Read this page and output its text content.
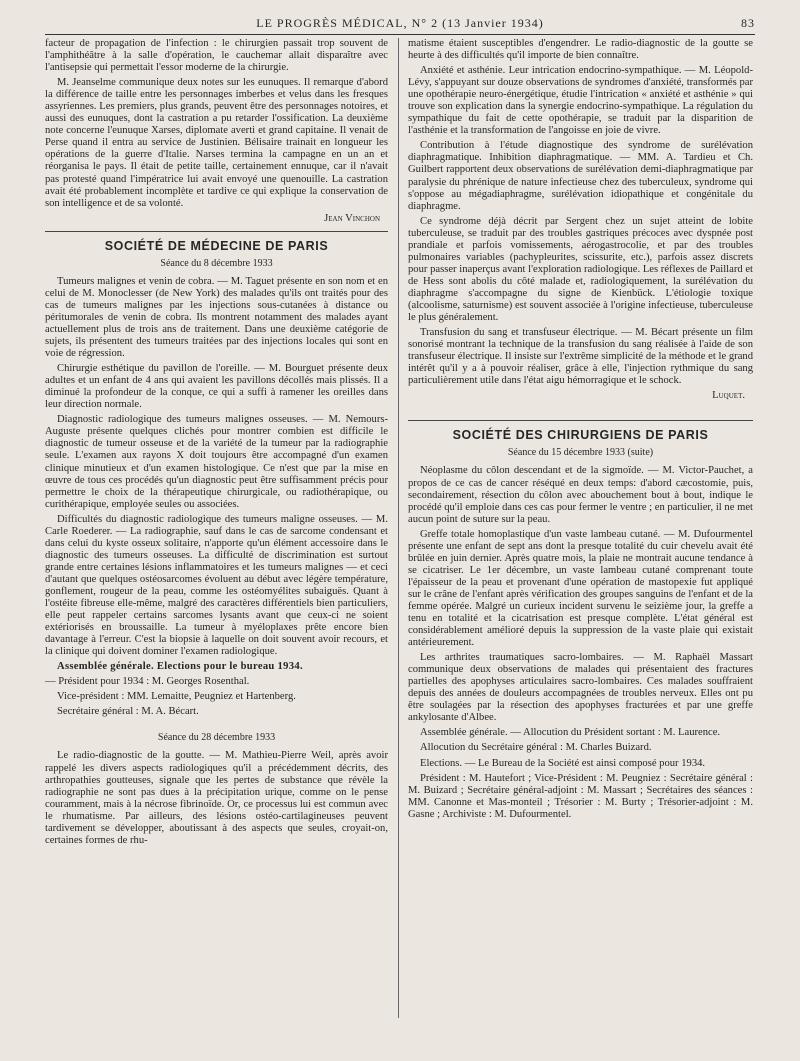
LE PROGRÈS MÉDICAL, N° 2 (13 Janvier 1934)	83

facteur de propagation de l'infection : le chirurgien passait trop souvent de l'amphithéâtre à la salle d'opération, le cauchemar allait disparaître avec l'antisepsie qui permettait l'essor moderne de la chirurgie.

M. Jeanselme communique deux notes sur les eunuques. Il remarque d'abord la différence de taille entre les personnages imberbes et velus dans les fresques assyriennes. Les premiers, plus grands, peuvent être des personnages notoires, et aussi des eunuques, dont la castration a pu retarder l'ossification. La deuxième note concerne l'eunuque Xarses, diplomate averti et grand capitaine. Il venait de Perse quand il entra au service de Justinien. Bélisaire trainait en longueur les opérations de la guerre d'Italie. Narses termina la campagne en un an et réorganisa le pays. Il était de petite taille, certainement ennuque, car il n'avait pas protesté quand l'impératrice lui avait envoyé une quenouille. La castration avait été probablement incomplète et tardive ce qui explique la conservation de son intelligence et de sa volonté.

Jean Vinchon
SOCIÉTÉ DE MÉDECINE DE PARIS
Séance du 8 décembre 1933

Tumeurs malignes et venin de cobra. — M. Taguet présente en son nom et en celui de M. Monoclesser (de New York) des malades qu'ils ont traités pour des cas de tumeurs malignes par les injections sous-cutanées à distance ou péritumorales de venin de cobra. Ils montrent notamment des malades ayant actuellement plus de trois ans de traitement. Dans une deuxième catégorie de sujets, ils présentent des tumeurs traitées par des injections locales qui sont en voie de régression.

Chirurgie esthétique du pavillon de l'oreille. — M. Bourguet présente deux adultes et un enfant de 4 ans qui avaient les pavillons décollés mais plissés. Il a diminué la profondeur de la conque, ce qui a suffi à ramener les oreilles dans leur direction normale.

Diagnostic radiologique des tumeurs malignes osseuses. — M. Nemours-Auguste présente quelques clichés pour montrer combien est difficile le diagnostic de tumeur osseuse et de la variété de la tumeur par la radiographie seule. L'examen aux rayons X doit toujours être accompagné d'un examen clinique minutieux et d'un examen histologique. Ce n'est que par la mise en œuvre de tous ces procédés qu'un diagnostic peut être suffisamment précis pour permettre le choix de la thérapeutique chirurgicale, ou radiothérapique, ou curithérapique, employée seules ou associées.

Difficultés du diagnostic radiologique des tumeurs maligne osseuses. — M. Carle Roederer. — La radiographie, sauf dans le cas de sarcome condensant et dans celui du kyste osseux solitaire, n'apporte qu'un élément accessoire dans le diagnostic des tumeurs osseuses. La difficulté de discrimination est surtout grande entre certaines lésions inflammatoires et les tumeurs malignes — et ceci d'autant que quelques ostéosarcomes évoluent au début avec légère température, gonflement, rougeur de la peau, comme les ostéomyélites subaiguës. Quant à l'ostéite fibreuse elle-même, malgré des caractères différentiels bien particuliers, elle peut rappeler certains sarcomes lysants avant que ceux-ci ne soient extériorisés en broussaille. La tumeur à myéloplaxes prête encore bien davantage à l'erreur. C'est la biopsie à laquelle on doit souvent avoir recours, et la clinique qui doivent dominer l'examen radiologique.

Assemblée générale. Elections pour le bureau 1934.

— Président pour 1934 : M. Georges Rosenthal.

Vice-président : MM. Lemaitte, Peugniez et Hartenberg.

Secrétaire général : M. A. Bécart.

Séance du 28 décembre 1933

Le radio-diagnostic de la goutte. — M. Mathieu-Pierre Weil, après avoir rappelé les divers aspects radiologiques qu'il a précédemment décrits, des arthropathies goutteuses, signale que les pertes de substance que révèle la radiographie ne sont pas dues à la précipitation urique, comme on le pense couramment, mais à la nécrose fibrinoïde. Or, ce processus lui est commun avec le rhumatisme. Par ailleurs, des lésions ostéo-cartilagineuses peuvent tardivement se développer, aboutissant à des aspects que seules, croyait-on, certaines formes de rhu-

matisme étaient susceptibles d'engendrer. Le radio-diagnostic de la goutte se heurte à des difficultés qu'il importe de bien connaître.

Anxiété et asthénie. Leur intrication endocrino-sympathique. — M. Léopold-Lévy, s'appuyant sur douze observations de syndromes d'anxiété, transformés par une opothérapie neuro-énergétique, étudie l'intrication « anxiété et asthénie » qui trouve son explication dans la synergie endocrino-sympathique. La régulation du sympathique du fait de cette opothérapie, se traduit par la disparition de l'asthénie et la transformation de l'angoisse en joie de vivre.

Contribution à l'étude diagnostique des syndrome de surélévation diaphragmatique. Inhibition diaphragmatique. — MM. A. Tardieu et Ch. Guilbert rapportent deux observations de surélévation demi-diaphragmatique par paralysie du phrénique de nature infectieuse chez des tuberculeux, syndrome qui s'oppose au mégadiaphragme, surélévation idiopathique et congénitale du diaphragme.

Ce syndrome déjà décrit par Sergent chez un sujet atteint de lobite tuberculeuse, se traduit par des troubles gastriques précoces avec dyspnée post prandiale et parfois vomissements, aérogastrocolie, et par des troubles pulmonaires variables (pachypleurites, scissurite, etc.), parfois assez discrets pour passer inaperçus avant l'exploration radiologique. Les réflexes de Paillard et de Hess sont abolis du côté malade et, radiologiquement, la surélévation du diaphragme s'accompagne du signe de Kienbück. L'étiologie toxique (alcoolisme, saturnisme) est souvent associée à l'origine infectieuse, tuberculeuse le plus généralement.

Transfusion du sang et transfuseur électrique. — M. Bécart présente un film sonorisé montrant la technique de la transfusion du sang réalisée à l'aide de son transfuseur électrique. Il insiste sur l'extrême simplicité de la méthode et le grand intérêt qu'il y a à pouvoir réaliser, grâce à elle, l'injection rythmique du sang particulièrement utile dans l'état aigu hémorragique et le schock.

Luquet.
SOCIÉTÉ DES CHIRURGIENS DE PARIS
Séance du 15 décembre 1933 (suite)

Néoplasme du côlon descendant et de la sigmoïde. — M. Victor-Pauchet, a propos de ce cas de cancer réséqué en deux temps: d'abord cæcostomie, puis, secondairement, résection du côlon avec abouchement bout à bout, indique le procédé qu'il emploie dans ces cas pour fermer le ventre ; en particulier, il ne met aucun point de suture sur la peau.

Greffe totale homoplastique d'un vaste lambeau cutané. — M. Dufourmentel présente une enfant de sept ans dont la presque totalité du cuir chevelu avait été brûlée en juin dernier. Après quatre mois, la plaie ne montrait aucune tendance à se cicatriser. Le 1er décembre, un vaste lambeau cutané comprenant toute l'épaisseur de la peau et provenant d'une opération de mastopexie fut appliqué sur le crâne de l'enfant après vérification des groupes sanguins de l'enfant et de la femme opérée. Malgré un curieux incident survenu le seizième jour, la greffe a tenu en totalité et la cicatrisation est presque complète. L'état général est considérablement amélioré depuis la suppression de la vaste plaie qui existait antérieurement.

Les arthrites traumatiques sacro-lombaires. — M. Raphaël Massart communique deux observations de malades qui présentaient des fractures partielles des apophyses articulaires sacro-lombaires. Ces malades souffraient depuis des années de douleurs accompagnées de troubles nerveux. Elles ont pu être soulagées par la résection des apophyses fracturées et par une greffe ankylosante d'Albee.

Assemblée générale. — Allocution du Président sortant : M. Laurence.

Allocution du Secrétaire général : M. Charles Buizard.

Elections. — Le Bureau de la Société est ainsi composé pour 1934.

Président : M. Hautefort ; Vice-Président : M. Peugniez : Secrétaire général : M. Buizard ; Secrétaire général-adjoint : M. Massart ; Secrétaires des séances : MM. Canonne et Mas-monteil ; Trésorier : M. Burty ; Trésorier-adjoint : M. Gasne ; Archiviste : M. Dufourmentel.
